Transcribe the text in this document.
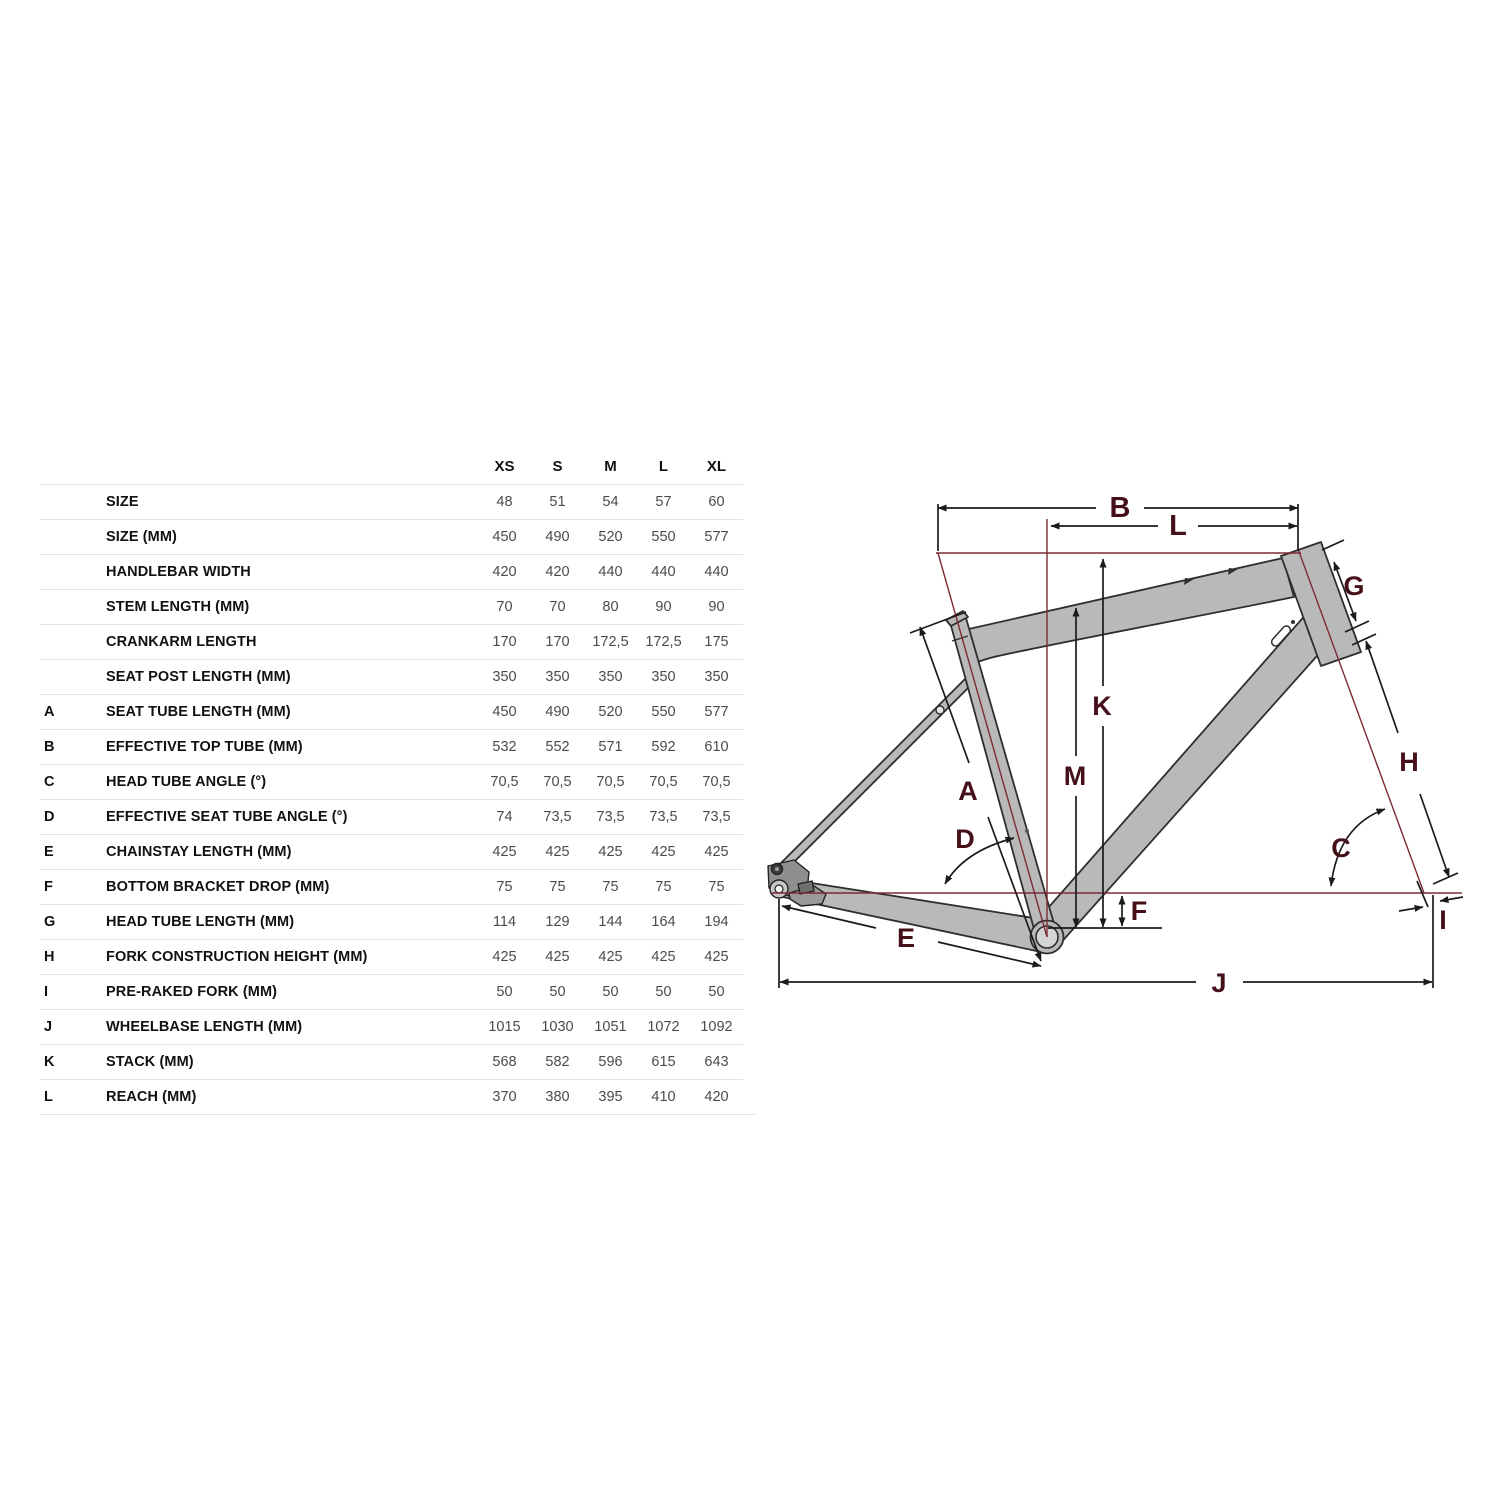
XS	S	M	L	XL
SIZE	48	51	54	57	60
SIZE (MM)	450	490	520	550	577
HANDLEBAR WIDTH	420	420	440	440	440
STEM LENGTH (MM)	70	70	80	90	90
CRANKARM LENGTH	170	170	172,5	172,5	175
SEAT POST LENGTH (MM)	350	350	350	350	350
A	SEAT TUBE LENGTH (MM)	450	490	520	550	577
B	EFFECTIVE TOP TUBE (MM)	532	552	571	592	610
C	HEAD TUBE ANGLE (°)	70,5	70,5	70,5	70,5	70,5
D	EFFECTIVE SEAT TUBE ANGLE (°)	74	73,5	73,5	73,5	73,5
E	CHAINSTAY LENGTH (MM)	425	425	425	425	425
F	BOTTOM BRACKET DROP (MM)	75	75	75	75	75
G	HEAD TUBE LENGTH (MM)	114	129	144	164	194
H	FORK CONSTRUCTION HEIGHT (MM)	425	425	425	425	425
I	PRE-RAKED FORK (MM)	50	50	50	50	50
J	WHEELBASE LENGTH (MM)	1015	1030	1051	1072	1092
K	STACK (MM)	568	582	596	615	643
L	REACH (MM)	370	380	395	410	420
A
B
C
D
E
F
G
H
I
J
K
L
M
